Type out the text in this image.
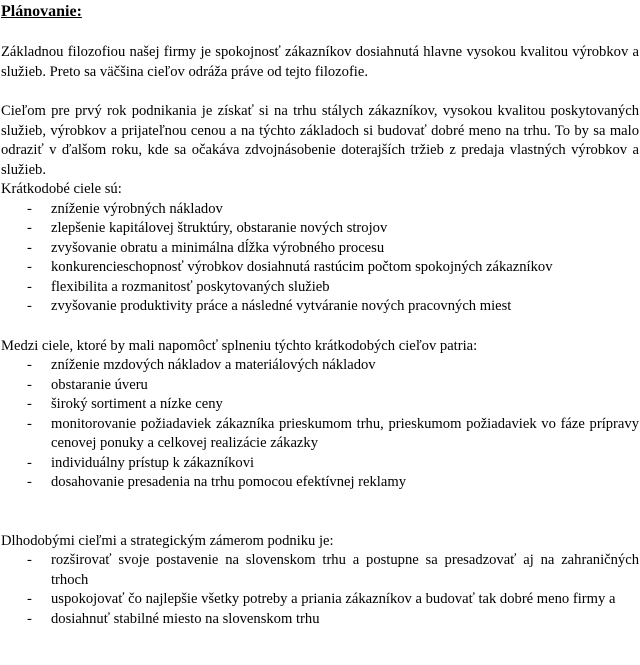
Plánovanie:

Základnou filozofiou našej firmy je spokojnosť zákazníkov dosiahnutá hlavne vysokou kvalitou výrobkov a služieb. Preto sa väčšina cieľov odráža práve od tejto filozofie.

Cieľom pre prvý rok podnikania je získať si na trhu stálych zákazníkov, vysokou kvalitou poskytovaných služieb, výrobkov a prijateľnou cenou a na týchto základoch si budovať dobré meno na trhu. To by sa malo odraziť v ďalšom roku, kde sa očakáva zdvojnásobenie doterajších tržieb z predaja vlastných výrobkov a služieb.

Krátkodobé ciele sú:

- zníženie výrobných nákladov
- zlepšenie kapitálovej štruktúry, obstaranie nových strojov
- zvyšovanie obratu a minimálna dĺžka výrobného procesu
- konkurencieschopnosť výrobkov dosiahnutá rastúcim počtom spokojných zákazníkov
- flexibilita a rozmanitosť poskytovaných služieb
- zvyšovanie produktivity práce a následné vytváranie nových pracovných miest

Medzi ciele, ktoré by mali napomôcť splneniu týchto krátkodobých cieľov patria:

- zníženie mzdových nákladov a materiálových nákladov
- obstaranie úveru
- široký sortiment a nízke ceny
- monitorovanie požiadaviek zákazníka prieskumom trhu, prieskumom požiadaviek vo fáze prípravy cenovej ponuky a celkovej realizácie zákazky
- individuálny prístup k zákazníkovi
- dosahovanie presadenia na trhu pomocou efektívnej reklamy

Dlhodobými cieľmi a strategickým zámerom podniku je:

- rozširovať svoje postavenie na slovenskom trhu a postupne sa presadzovať aj na zahraničných trhoch
- uspokojovať čo najlepšie všetky potreby a priania zákazníkov a budovať tak dobré meno firmy a
- dosiahnuť stabilné miesto na slovenskom trhu
